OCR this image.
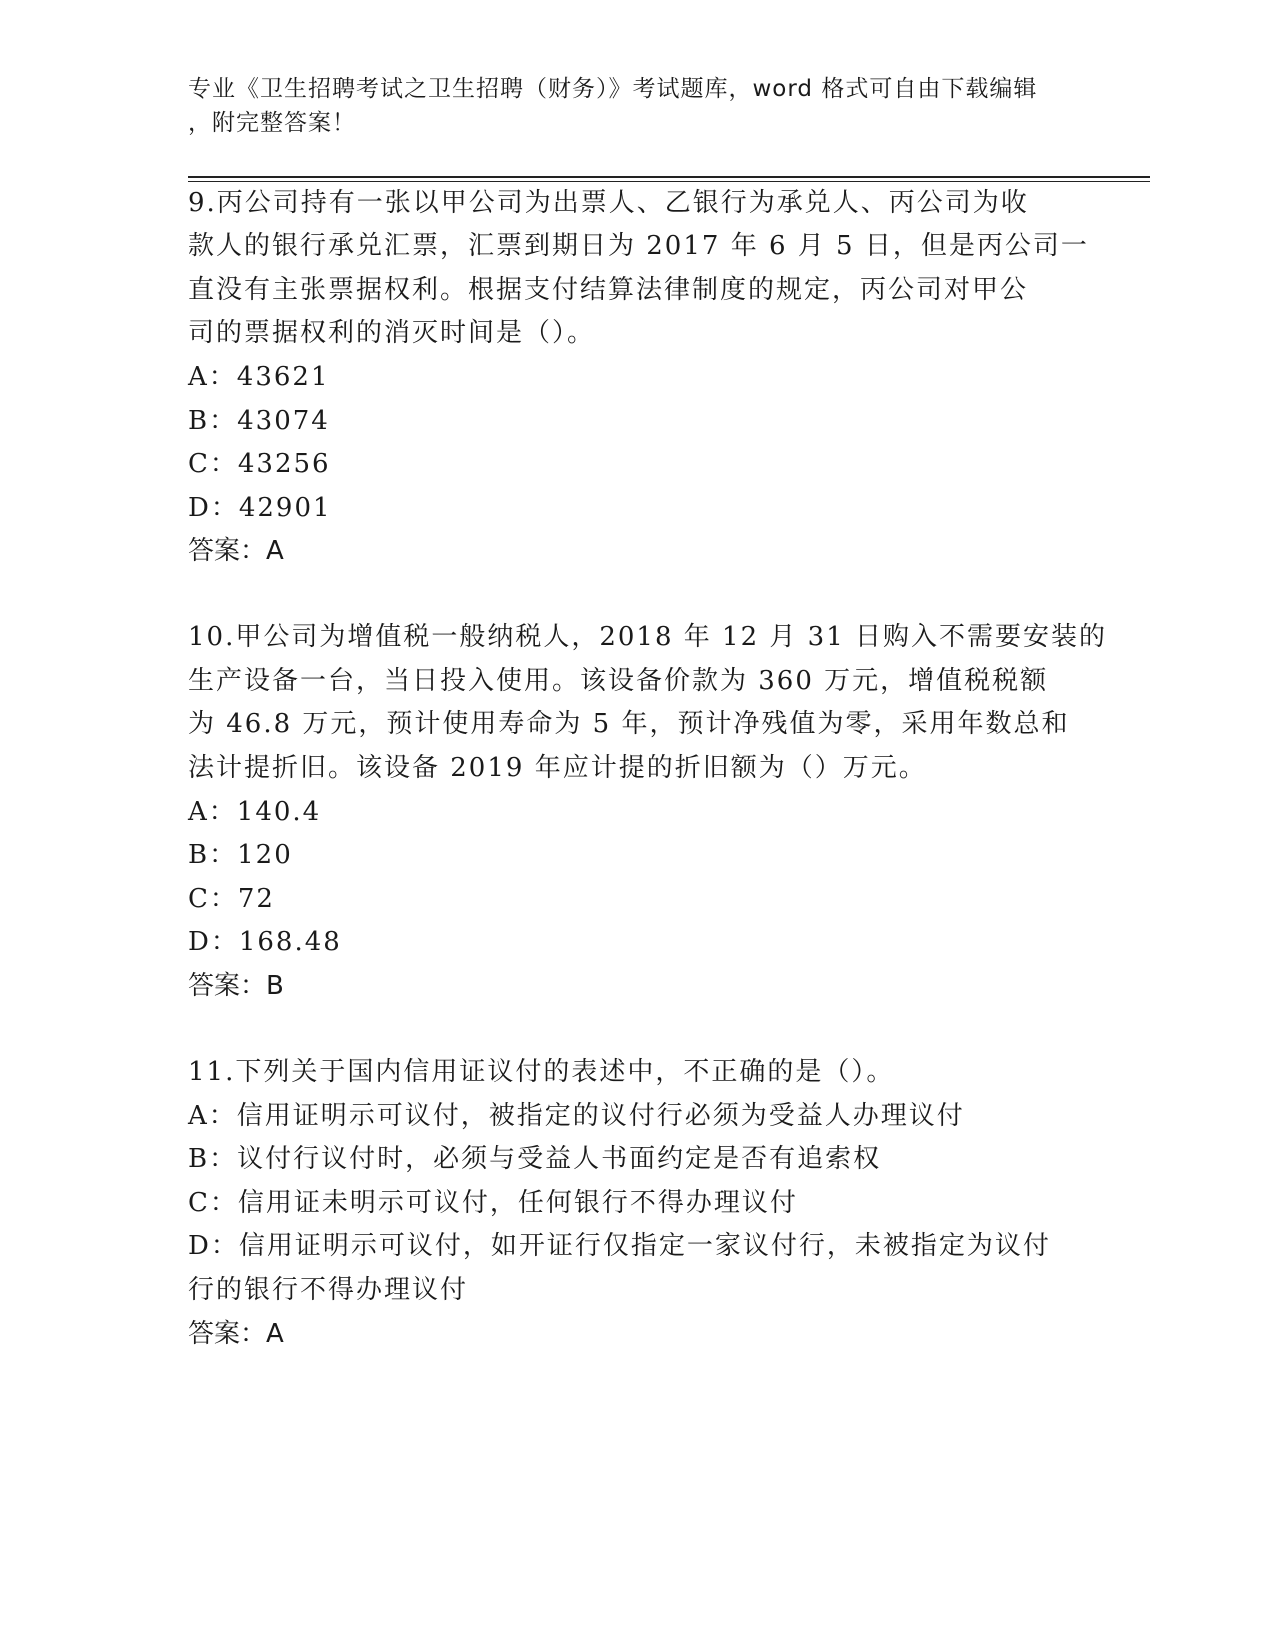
专业《卫生招聘考试之卫生招聘（财务）》考试题库，word 格式可自由下载编辑
，附完整答案！
9.丙公司持有一张以甲公司为出票人、乙银行为承兑人、丙公司为收
款人的银行承兑汇票，汇票到期日为 2017 年 6 月 5 日，但是丙公司一
直没有主张票据权利。根据支付结算法律制度的规定，丙公司对甲公
司的票据权利的消灭时间是（）。
A：43621
B：43074
C：43256
D：42901
答案：A
10.甲公司为增值税一般纳税人，2018 年 12 月 31 日购入不需要安装的
生产设备一台，当日投入使用。该设备价款为 360 万元，增值税税额
为 46.8 万元，预计使用寿命为 5 年，预计净残值为零，采用年数总和
法计提折旧。该设备 2019 年应计提的折旧额为（）万元。
A：140.4
B：120
C：72
D：168.48
答案：B
11.下列关于国内信用证议付的表述中，不正确的是（）。
A：信用证明示可议付，被指定的议付行必须为受益人办理议付
B：议付行议付时，必须与受益人书面约定是否有追索权
C：信用证未明示可议付，任何银行不得办理议付
D：信用证明示可议付，如开证行仅指定一家议付行，未被指定为议付
行的银行不得办理议付
答案：A
